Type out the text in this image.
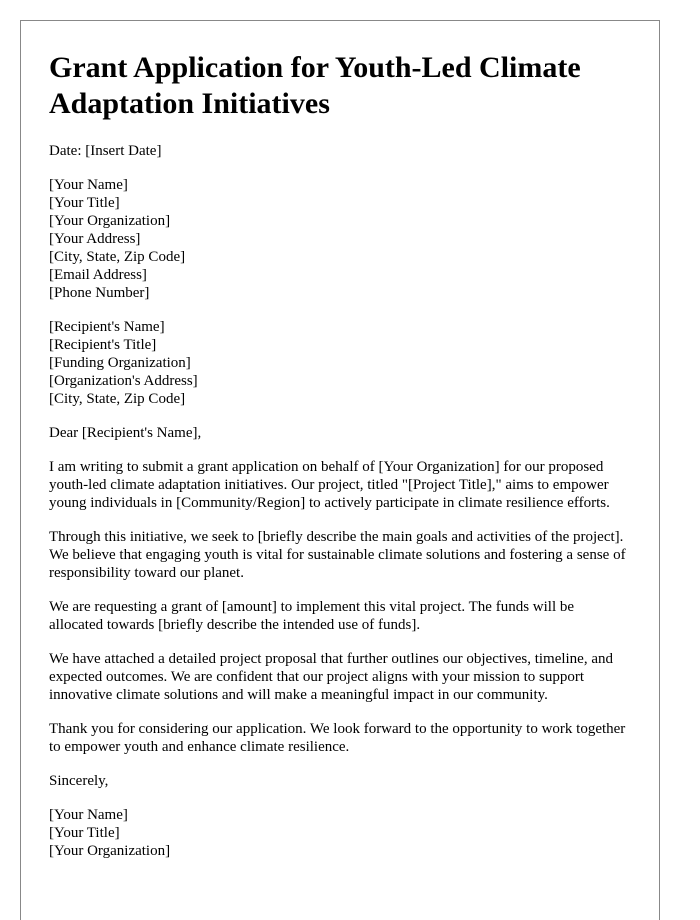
Grant Application for Youth-Led Climate Adaptation Initiatives

Date: [Insert Date]

[Your Name]
[Your Title]
[Your Organization]
[Your Address]
[City, State, Zip Code]
[Email Address]
[Phone Number]
[Recipient's Name]
[Recipient's Title]
[Funding Organization]
[Organization's Address]
[City, State, Zip Code]

Dear [Recipient's Name],

I am writing to submit a grant application on behalf of [Your Organization] for our proposed youth-led climate adaptation initiatives. Our project, titled "[Project Title]," aims to empower young individuals in [Community/Region] to actively participate in climate resilience efforts.

Through this initiative, we seek to [briefly describe the main goals and activities of the project]. We believe that engaging youth is vital for sustainable climate solutions and fostering a sense of responsibility toward our planet.

We are requesting a grant of [amount] to implement this vital project. The funds will be allocated towards [briefly describe the intended use of funds].

We have attached a detailed project proposal that further outlines our objectives, timeline, and expected outcomes. We are confident that our project aligns with your mission to support innovative climate solutions and will make a meaningful impact in our community.

Thank you for considering our application. We look forward to the opportunity to work together to empower youth and enhance climate resilience.

Sincerely,

[Your Name]
[Your Title]
[Your Organization]
